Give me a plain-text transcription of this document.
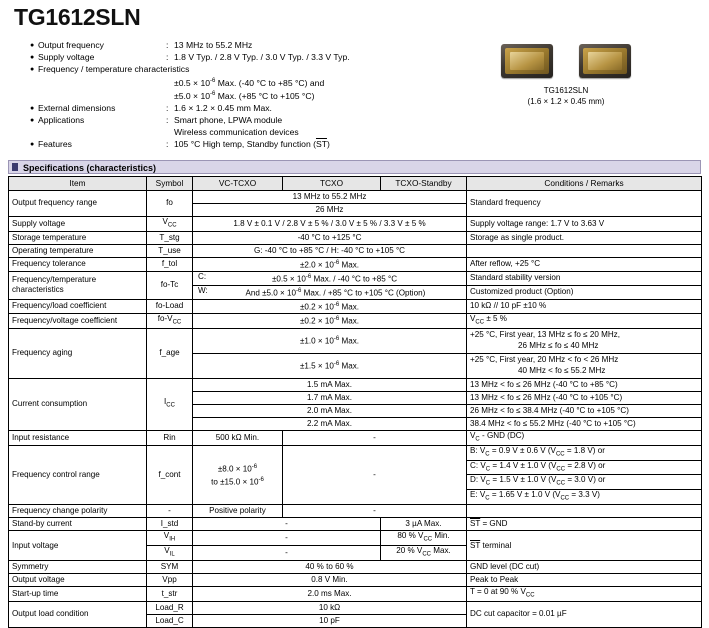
TG1612SLN
● Output frequency	: 13 MHz to 55.2 MHz
● Supply voltage	: 1.8 V Typ. / 2.8 V Typ. / 3.0 V Typ. / 3.3 V Typ.
● Frequency / temperature characteristics
$\pm 0.5 \times 10^{-6}$ Max. (-40 °C to +85 °C) and
$\pm 5.0 \times 10^{-6}$ Max. (+85 °C to +105 °C)
● External dimensions	: 1.6 × 1.2 × 0.45 mm Max.
● Applications	: Smart phone, LPWA module
Wireless communication devices
● Features	: 105 °C High temp, Standby function $(\overline{ST})$
TG1612SLN
(1.6 × 1.2 × 0.45 mm)
Specifications (characteristics)
Item	Symbol	VC-TCXO	TCXO	TCXO-Standby	Conditions / Remarks
Output frequency range	fo	13 MHz to 55.2 MHz			Standard frequency
		26 MHz			
Supply voltage	$V_{CC}$	1.8 V ± 0.1 V / 2.8 V ± 5 % / 3.0 V ± 5 % / 3.3 V ± 5 %			Supply voltage range: 1.7 V to 3.63 V
Storage temperature	T_stg	-40 °C to +125 °C			Storage as single product.
Operating temperature	T_use	G: -40 °C to +85 °C / H: -40 °C to +105 °C			
Frequency tolerance	f_tol	$\pm 2.0 \times 10^{-6}$ Max.			After reflow, +25 °C
Frequency/temperature
characteristics	fo-Tc	C: $\pm 0.5 \times 10^{-6}$ Max. / -40 °C to +85 °C			Standard stability version

		W: And $\pm 5.0 \times 10^{-6}$ Max. / +85 °C to +105 °C (Option)			Customized product (Option)
Frequency/load coefficient	fo-Load	$\pm 0.2 \times 10^{-6}$ Max.			10 kΩ // 10 pF ±10 %
Frequency/voltage coefficient	$fo-V_{CC}$	$\pm 0.2 \times 10^{-6}$ Max.			$V_{CC} \pm 5$ %
Frequency aging	f_age	$\pm 1.0 \times 10^{-6}$ Max.			+25 °C, First year, 13 MHz ≤ fo ≤ 20 MHz,
26 MHz ≤ fo ≤ 40 MHz
		$\pm 1.5 \times 10^{-6}$ Max.			+25 °C, First year, 20 MHz < fo < 26 MHz
40 MHz < fo ≤ 55.2 MHz
Current consumption	$I_{CC}$	1.5 mA Max.			13 MHz < fo ≤ 26 MHz (-40 °C to +85 °C)
		1.7 mA Max.			13 MHz < fo ≤ 26 MHz (-40 °C to +105 °C)
		2.0 mA Max.			26 MHz < fo ≤ 38.4 MHz (-40 °C to +105 °C)
		2.2 mA Max.			38.4 MHz < fo ≤ 55.2 MHz (-40 °C to +105 °C)
Input resistance	Rin	500 kΩ Min.	-		$V_C$ - GND (DC)
Frequency control range	f_cont	$\pm 8.0 \times 10^{-6}$
to $\pm 15.0 \times 10^{-6}$	-		B: $V_C = 0.9$ V ± 0.6 V ($V_{CC} = 1.8$ V) or
					C: $V_C = 1.4$ V ± 1.0 V ($V_{CC} = 2.8$ V) or
					D: $V_C = 1.5$ V ± 1.0 V ($V_{CC} = 3.0$ V) or
					E: $V_C = 1.65$ V ± 1.0 V ($V_{CC} = 3.3$ V)
Frequency change polarity	-	Positive polarity	-		
Stand-by current	I_std	-		3 µA Max.	$\overline{ST}$ = GND
Input voltage	$V_{IH}$	-		80 % $V_{CC}$ Min.	$\overline{ST}$ terminal
	$V_{IL}$	-		20 % $V_{CC}$ Max.	
Symmetry	SYM	40 % to 60 %			GND level (DC cut)
Output voltage	Vpp	0.8 V Min.			Peak to Peak
Start-up time	t_str	2.0 ms Max.			T = 0 at 90 % $V_{CC}$
Output load condition	Load_R	10 kΩ			DC cut capacitor = 0.01 µF
	Load_C	10 pF			
